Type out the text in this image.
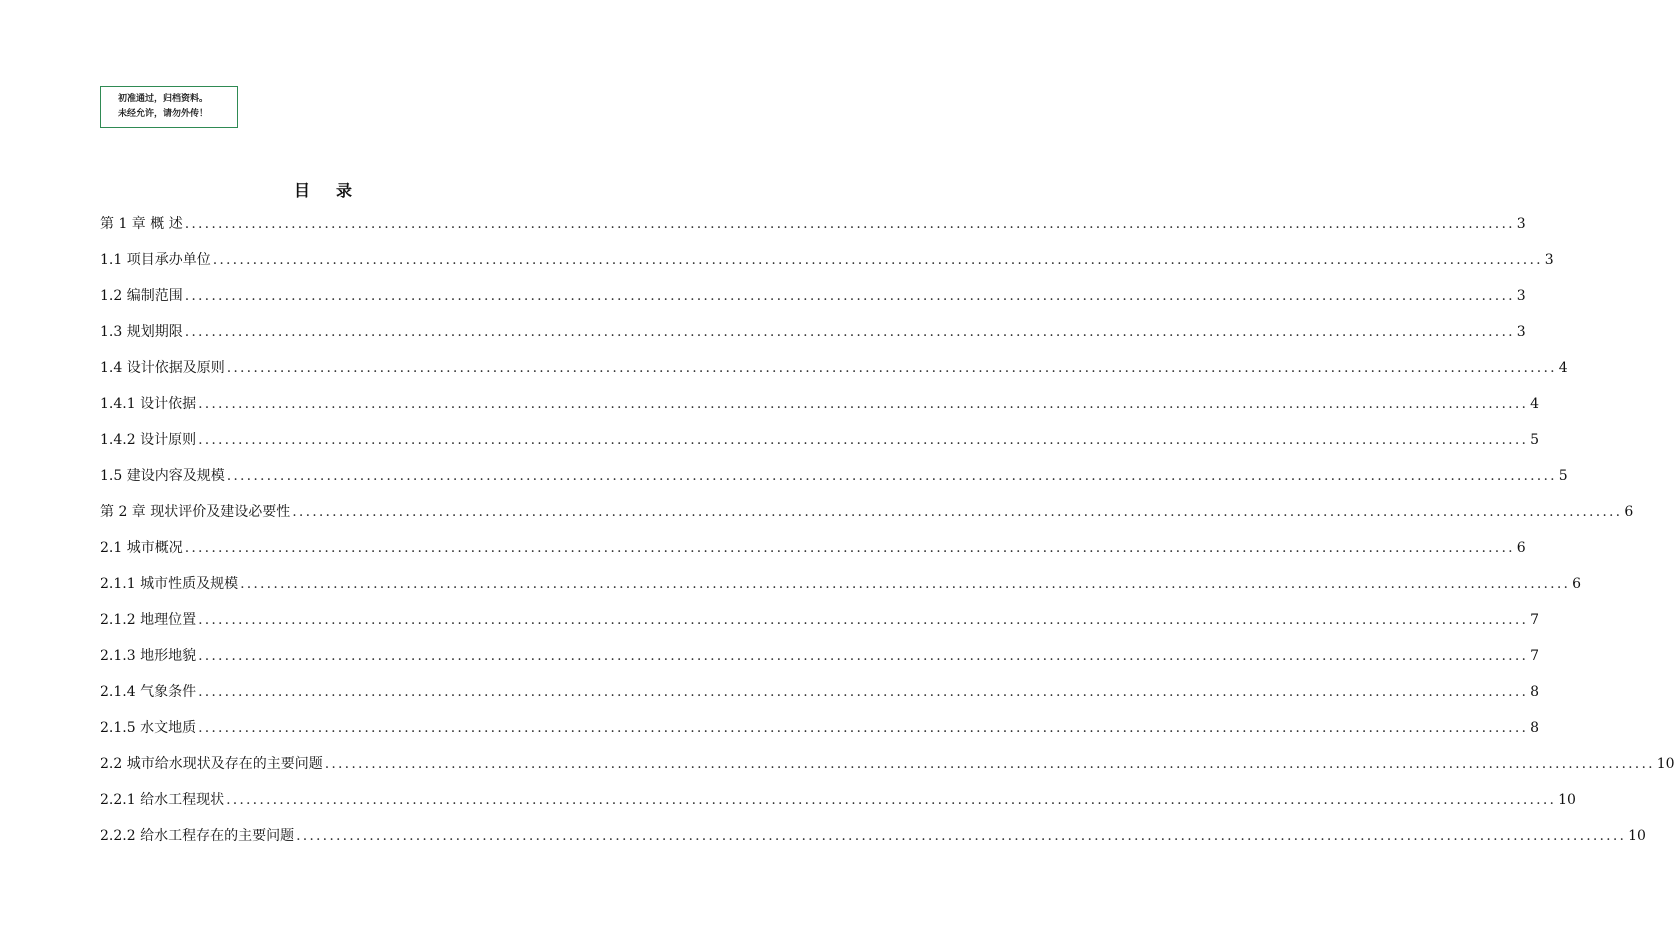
初准通过，归档资料。
未经允许，请勿外传！
目录
第 1 章 概 述 ........................................................................................................................................................................................................ 3
1.1 项目承办单位 ........................................................................................................................................................................................................ 3
1.2 编制范围 ........................................................................................................................................................................................................ 3
1.3 规划期限 ........................................................................................................................................................................................................ 3
1.4 设计依据及原则 ........................................................................................................................................................................................................ 4
1.4.1 设计依据 ........................................................................................................................................................................................................ 4
1.4.2 设计原则 ........................................................................................................................................................................................................ 5
1.5 建设内容及规模 ........................................................................................................................................................................................................ 5
第 2 章 现状评价及建设必要性 ........................................................................................................................................................................................................ 6
2.1 城市概况 ........................................................................................................................................................................................................ 6
2.1.1 城市性质及规模 ........................................................................................................................................................................................................ 6
2.1.2 地理位置 ........................................................................................................................................................................................................ 7
2.1.3 地形地貌 ........................................................................................................................................................................................................ 7
2.1.4 气象条件 ........................................................................................................................................................................................................ 8
2.1.5 水文地质 ........................................................................................................................................................................................................ 8
2.2 城市给水现状及存在的主要问题 ........................................................................................................................................................................................................ 10
2.2.1 给水工程现状 ........................................................................................................................................................................................................ 10
2.2.2 给水工程存在的主要问题 ........................................................................................................................................................................................................ 10
